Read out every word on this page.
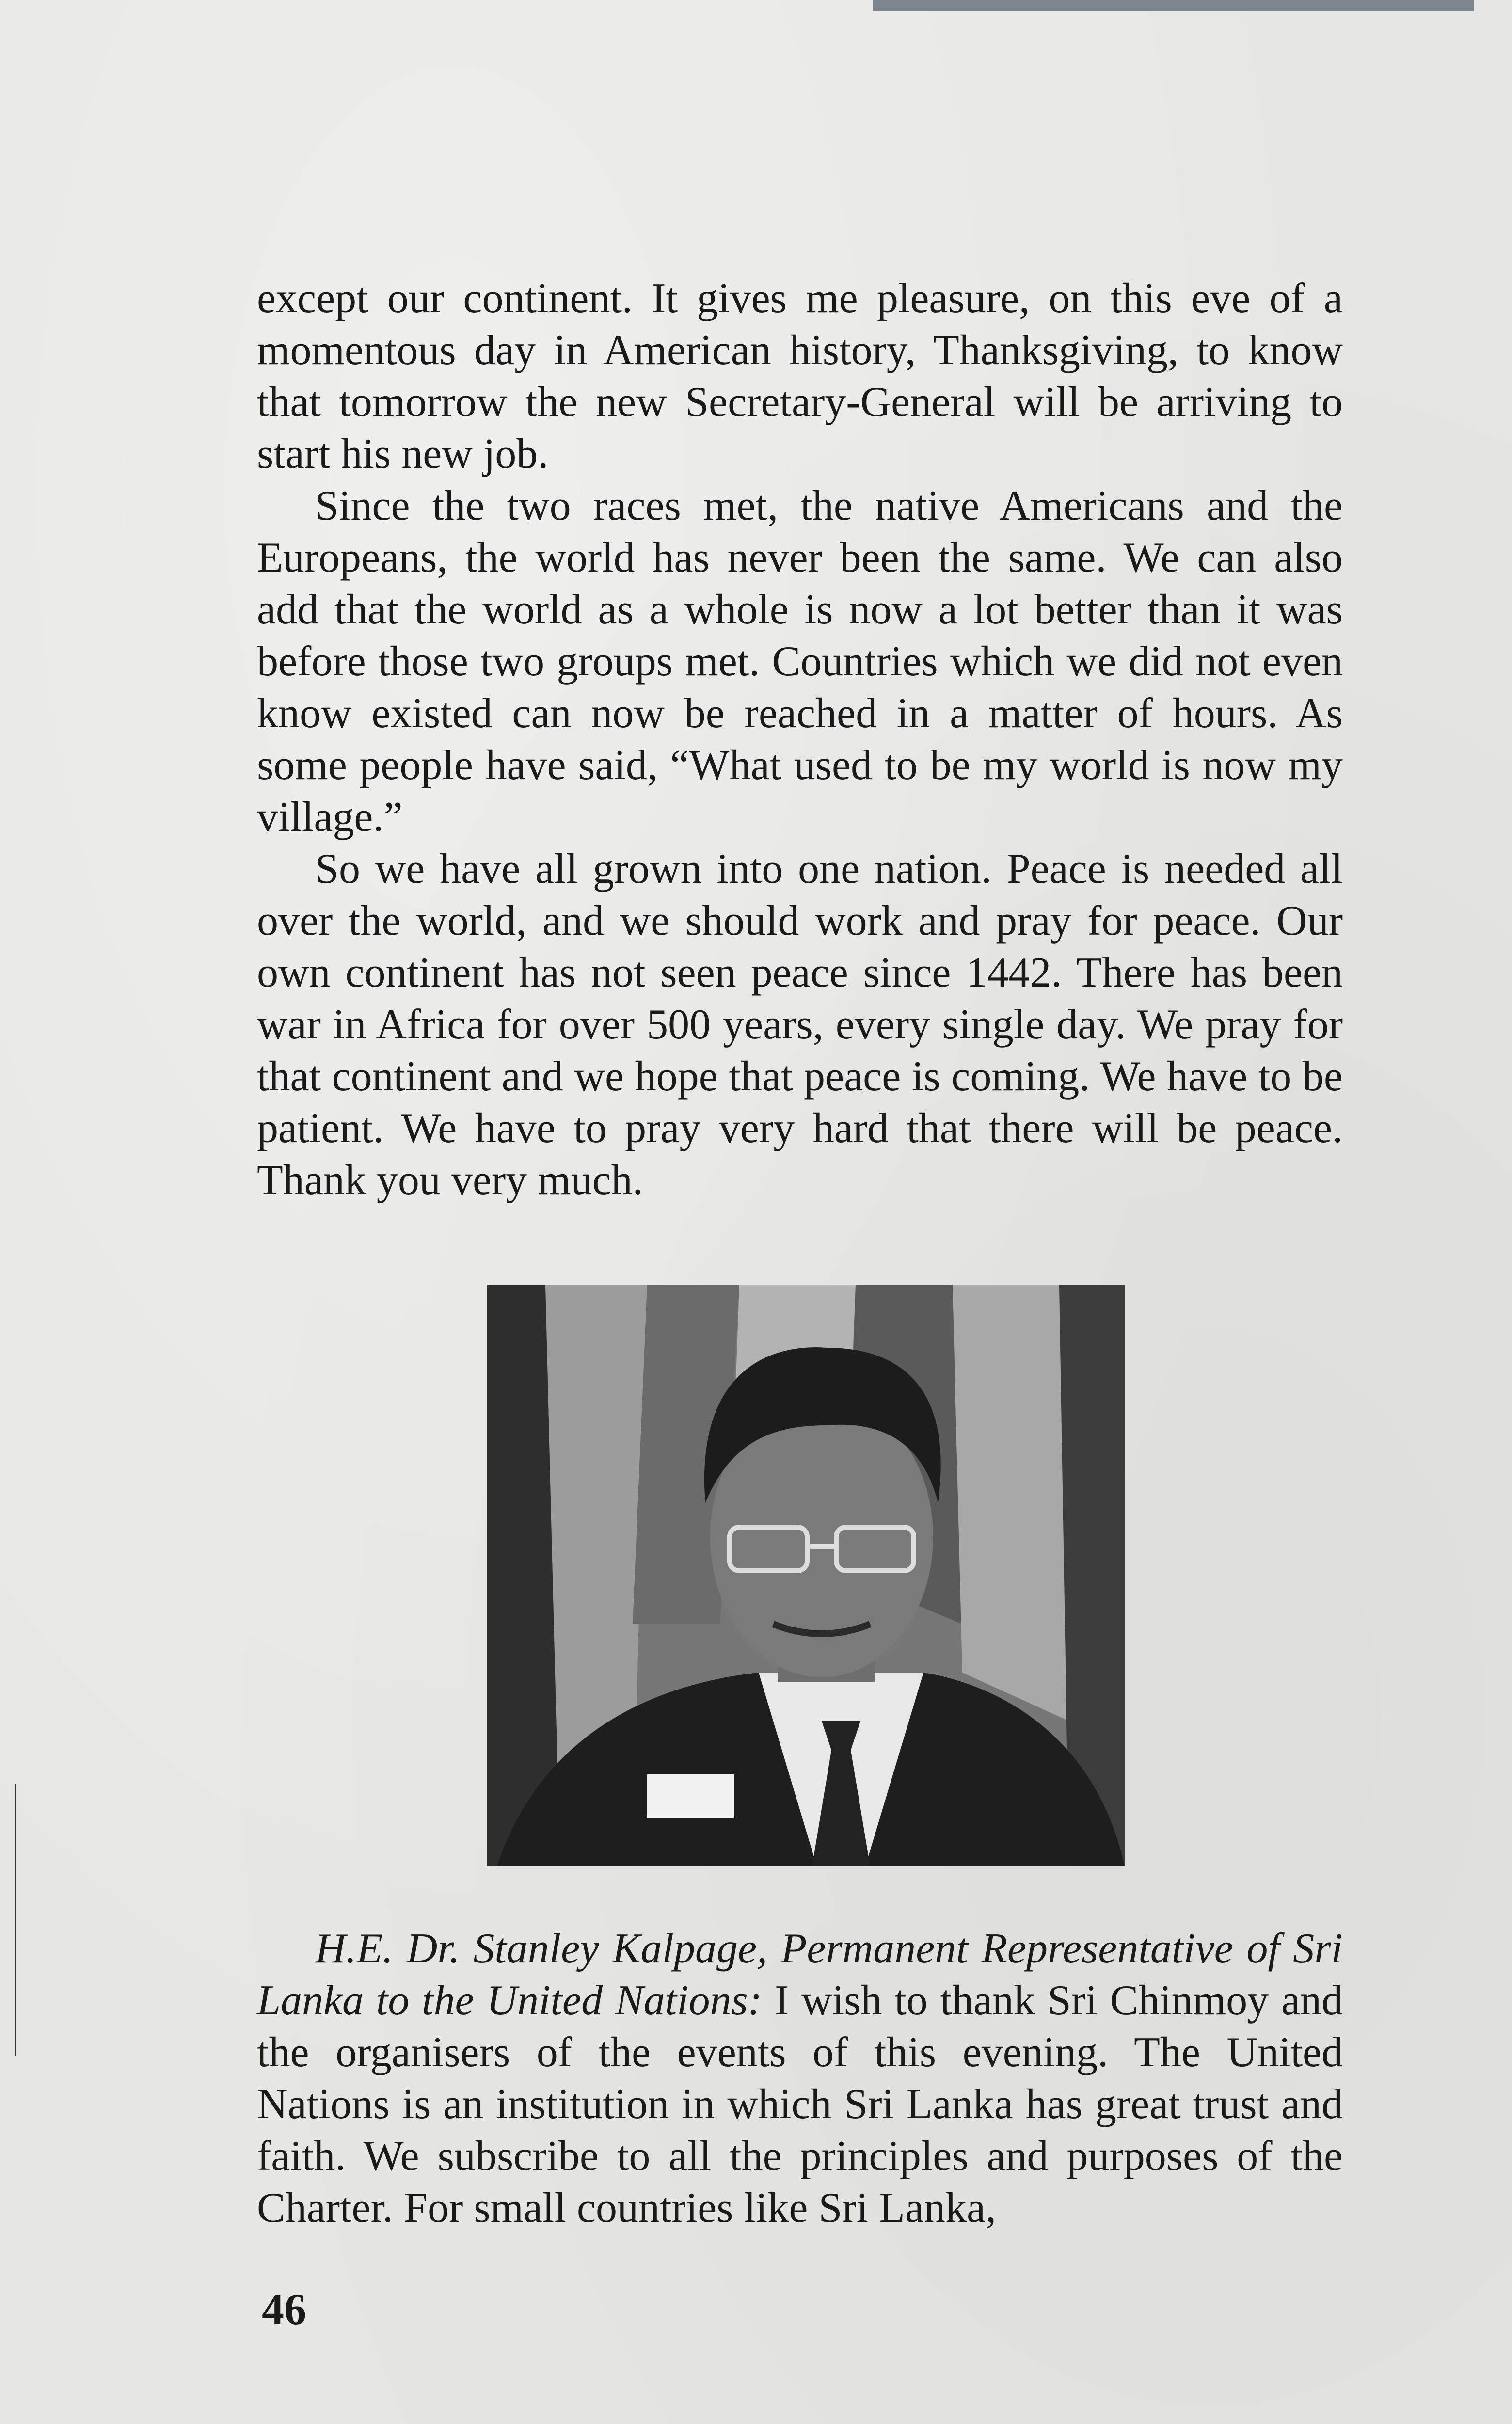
except our continent. It gives me pleasure, on this eve of a momentous day in American history, Thanksgiving, to know that tomorrow the new Secretary-General will be arriving to start his new job.

Since the two races met, the native Americans and the Europeans, the world has never been the same. We can also add that the world as a whole is now a lot better than it was before those two groups met. Countries which we did not even know existed can now be reached in a matter of hours. As some people have said, “What used to be my world is now my village.”

So we have all grown into one nation. Peace is needed all over the world, and we should work and pray for peace. Our own continent has not seen peace since 1442. There has been war in Africa for over 500 years, every single day. We pray for that continent and we hope that peace is coming. We have to be patient. We have to pray very hard that there will be peace. Thank you very much.

H.E. Dr. Stanley Kalpage, Permanent Representative of Sri Lanka to the United Nations: I wish to thank Sri Chinmoy and the organisers of the events of this evening. The United Nations is an institution in which Sri Lanka has great trust and faith. We subscribe to all the principles and purposes of the Charter. For small countries like Sri Lanka,

46
